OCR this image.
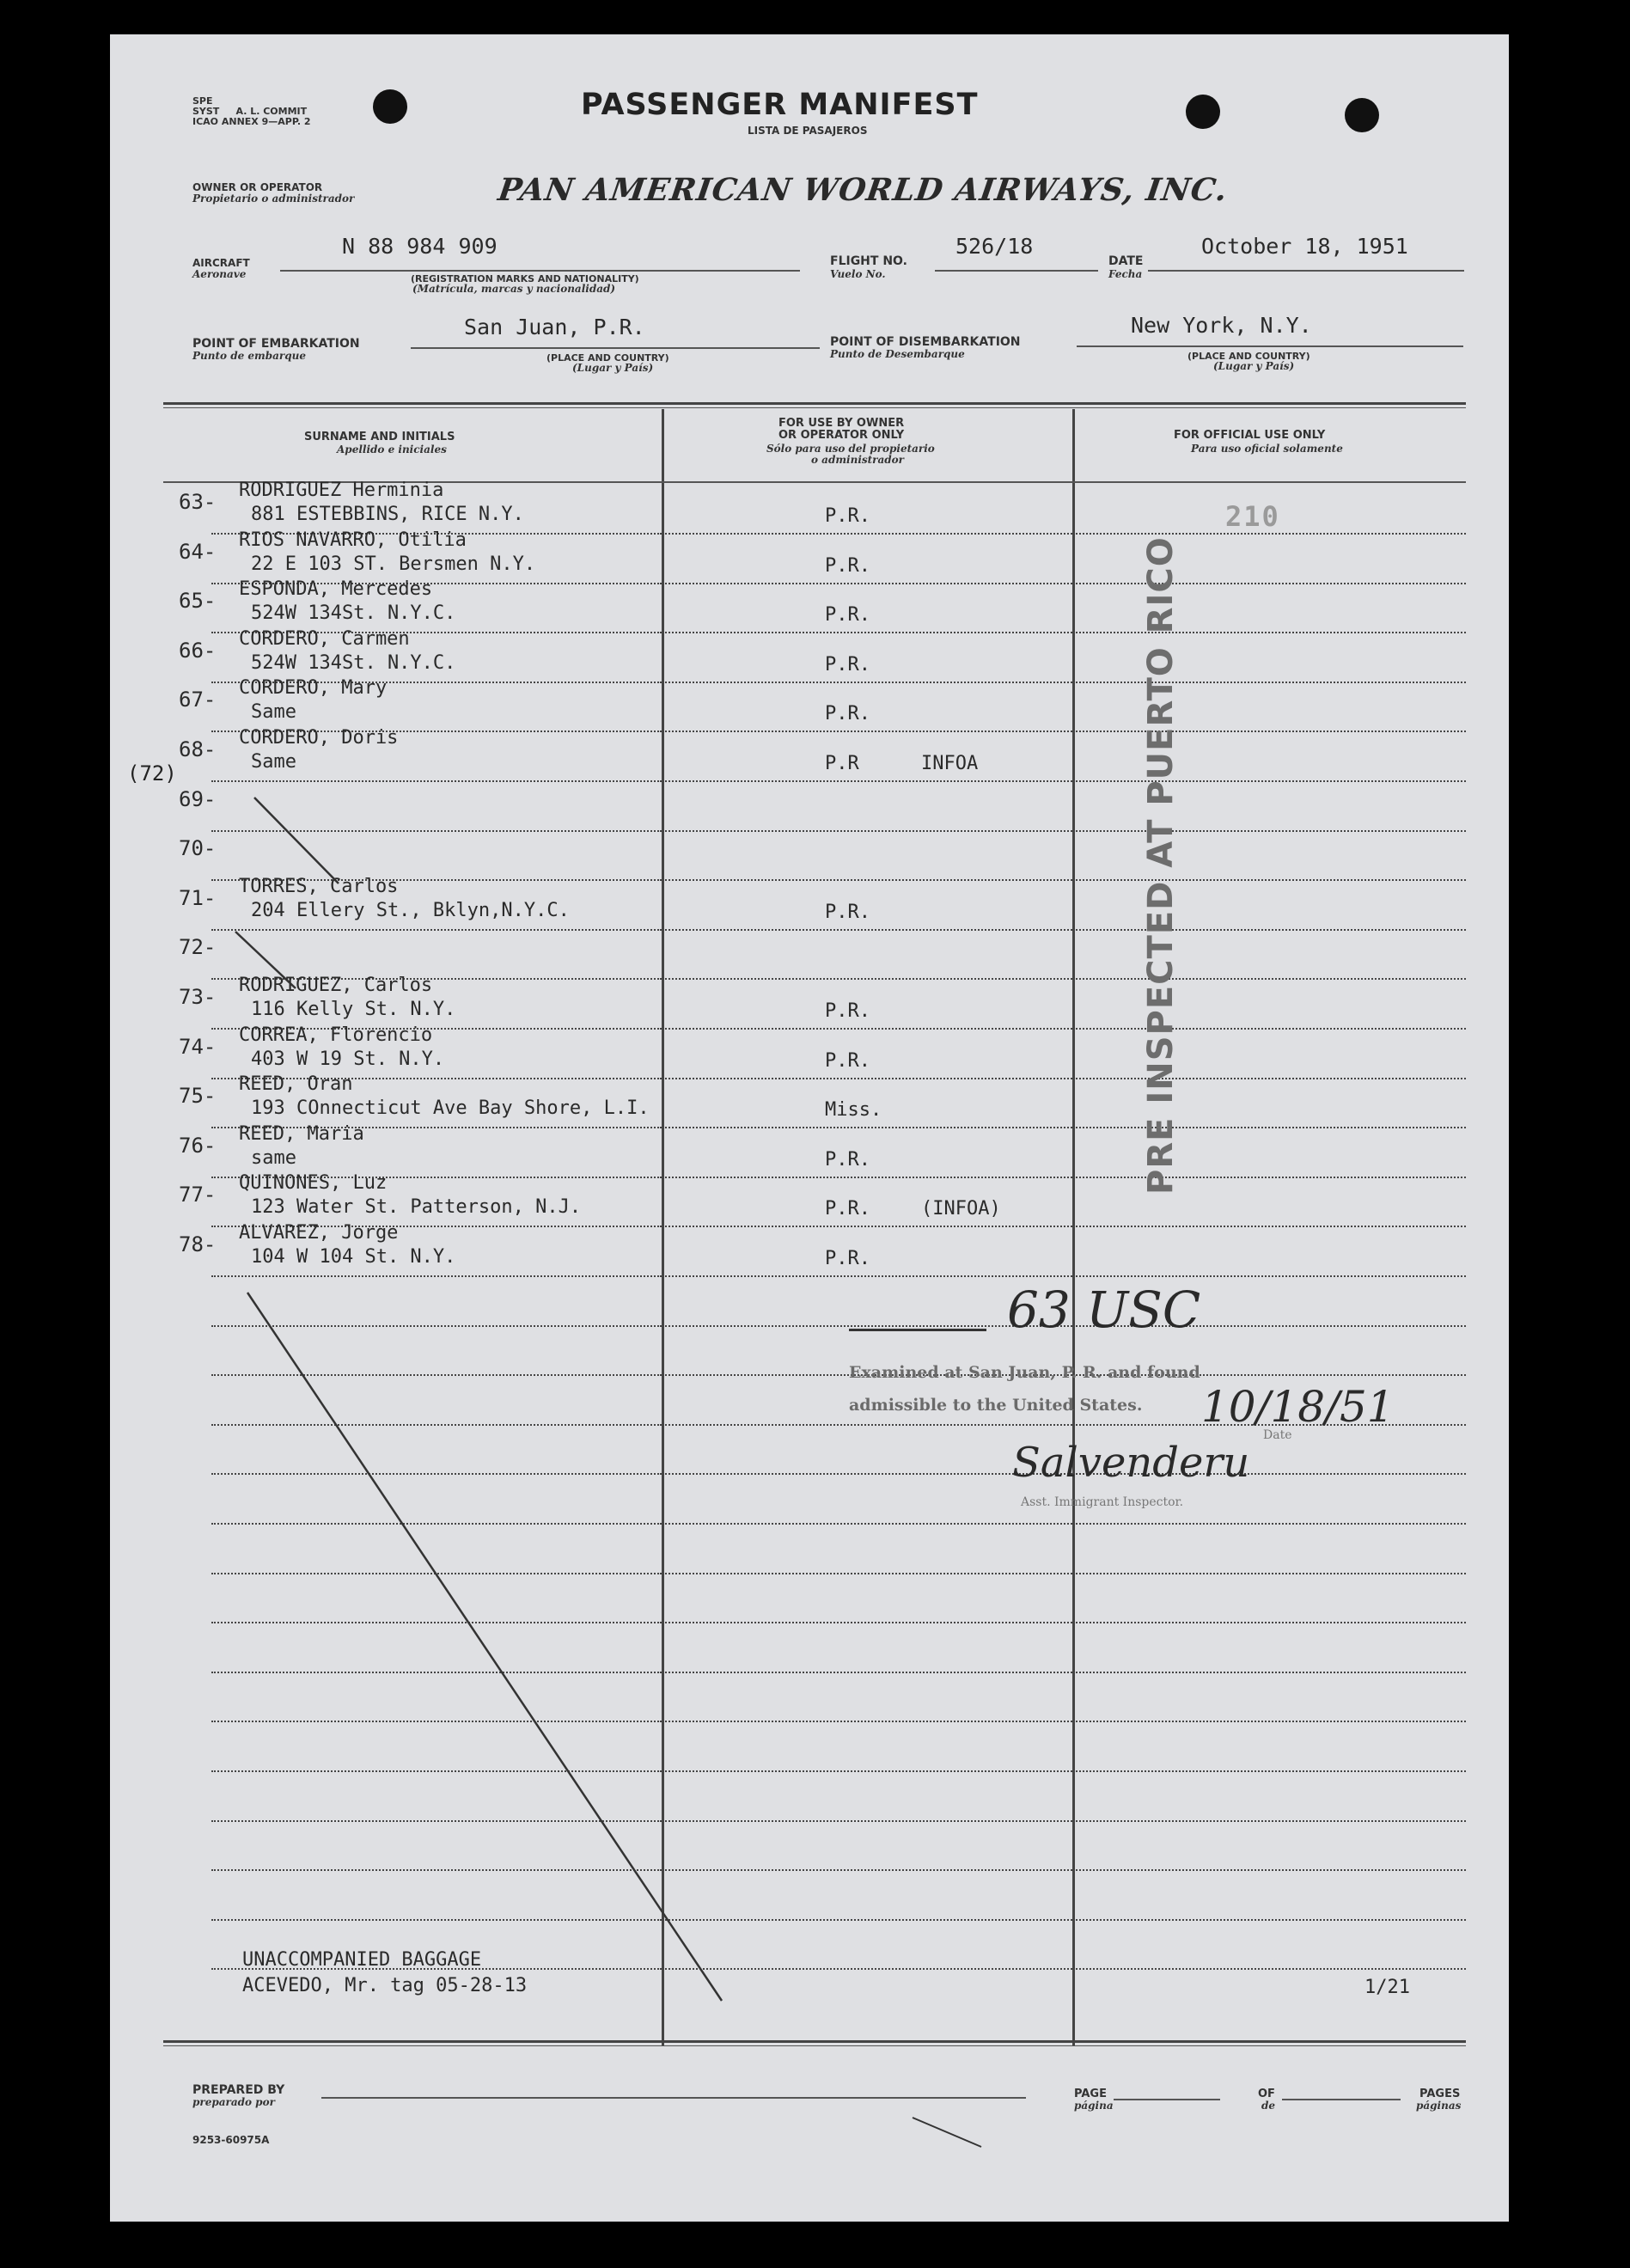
SPE
SYST A. L. COMMIT
ICAO ANNEX 9—APP. 2	PASSENGER MANIFEST
LISTA DE PASAJEROS
OWNER OR OPERATOR
Propietario o administrador	PAN AMERICAN WORLD AIRWAYS, INC.
AIRCRAFT
Aeronave
N 88 984 909
(REGISTRATION MARKS AND NATIONALITY)
(Matrícula, marcas y nacionalidad)
FLIGHT NO.
Vuelo No.
526/18
DATE
Fecha
October 18, 1951
POINT OF EMBARKATION
Punto de embarque
San Juan, P.R.
(PLACE AND COUNTRY)
(Lugar y País)
POINT OF DISEMBARKATION
Punto de Desembarque
New York, N.Y.
(PLACE AND COUNTRY)
(Lugar y País)
SURNAME AND INITIALS
Apellido e iniciales
FOR USE BY OWNER
OR OPERATOR ONLY
Sólo para uso del propietario
o administrador
FOR OFFICIAL USE ONLY
Para uso oficial solamente
63- RODRIGUEZ Herminia
881 ESTEBBINS, RICE N.Y.	P.R.
64- RIOS NAVARRO, Otilia
22 E 103 ST. Bersmen N.Y.	P.R.
65- ESPONDA, Mercedes
524W 134St. N.Y.C.	P.R.
66- CORDERO, Carmen
524W 134St. N.Y.C.	P.R.
67- CORDERO, Mary
Same	P.R.
68- CORDERO, Doris
Same	P.R	INFOA
69-
70-
71- TORRES, Carlos
204 Ellery St., Bklyn,N.Y.C.	P.R.
72-
73- RODRIGUEZ, Carlos
116 Kelly St. N.Y.	P.R.
74- CORREA, Florencio
403 W 19 St. N.Y.	P.R.
75- REED, Oran
193 COnnecticut Ave Bay Shore, L.I.	Miss.
76- REED, Maria
same	P.R.
77- QUINONES, Luz
123 Water St. Patterson, N.J.	P.R.	(INFOA)
78- ALVAREZ, Jorge
104 W 104 St. N.Y.	P.R.
(72)
210
PRE INSPECTED AT PUERTO RICO
63 USC
Examined at San Juan, P. R. and found
admissible to the United States. 10/18/51
Date
Salvenderu
Asst. Immigrant Inspector.
UNACCOMPANIED BAGGAGE
ACEVEDO, Mr. tag 05-28-13	1/21
PREPARED BY
preparado por
PAGE
página
OF
de
PAGES
páginas
9253-60975A
